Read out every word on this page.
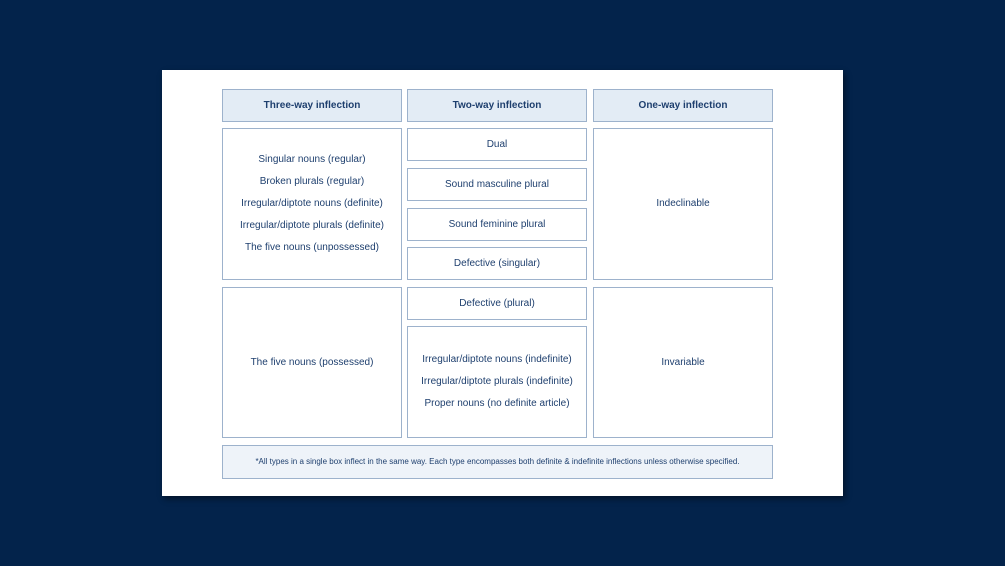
Three-way inflection	Two-way inflection	One-way inflection
Singular nouns (regular)
Broken plurals (regular)
Irregular/diptote nouns (definite)
Irregular/diptote plurals (definite)
The five nouns (unpossessed)
The five nouns (possessed)
Dual
Sound masculine plural
Sound feminine plural
Defective (singular)
Defective (plural)
Irregular/diptote nouns (indefinite)
Irregular/diptote plurals (indefinite)
Proper nouns (no definite article)
Indeclinable
Invariable
*All types in a single box inflect in the same way. Each type encompasses both definite & indefinite inflections unless otherwise specified.
